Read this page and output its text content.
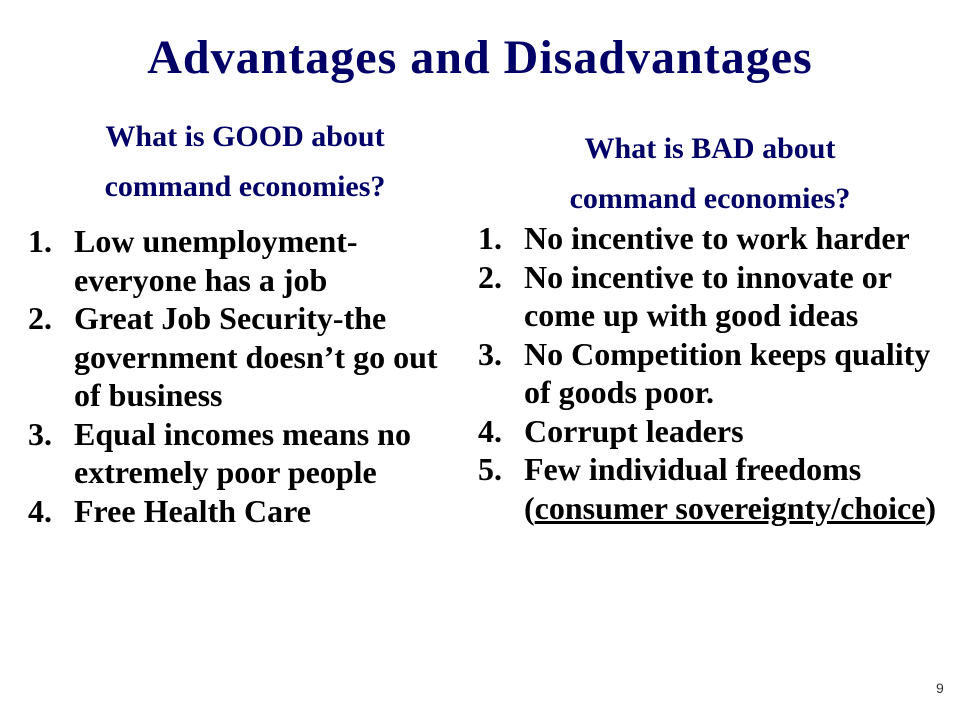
Advantages and Disadvantages
What is GOOD about
command economies?
1. Low unemployment-everyone has a job
2. Great Job Security-the government doesn’t go out of business
3. Equal incomes means no extremely poor people
4. Free Health Care
What is BAD about
command economies?
1. No incentive to work harder
2. No incentive to innovate or come up with good ideas
3. No Competition keeps quality of goods poor.
4. Corrupt leaders
5. Few individual freedoms (consumer sovereignty/choice)
9
